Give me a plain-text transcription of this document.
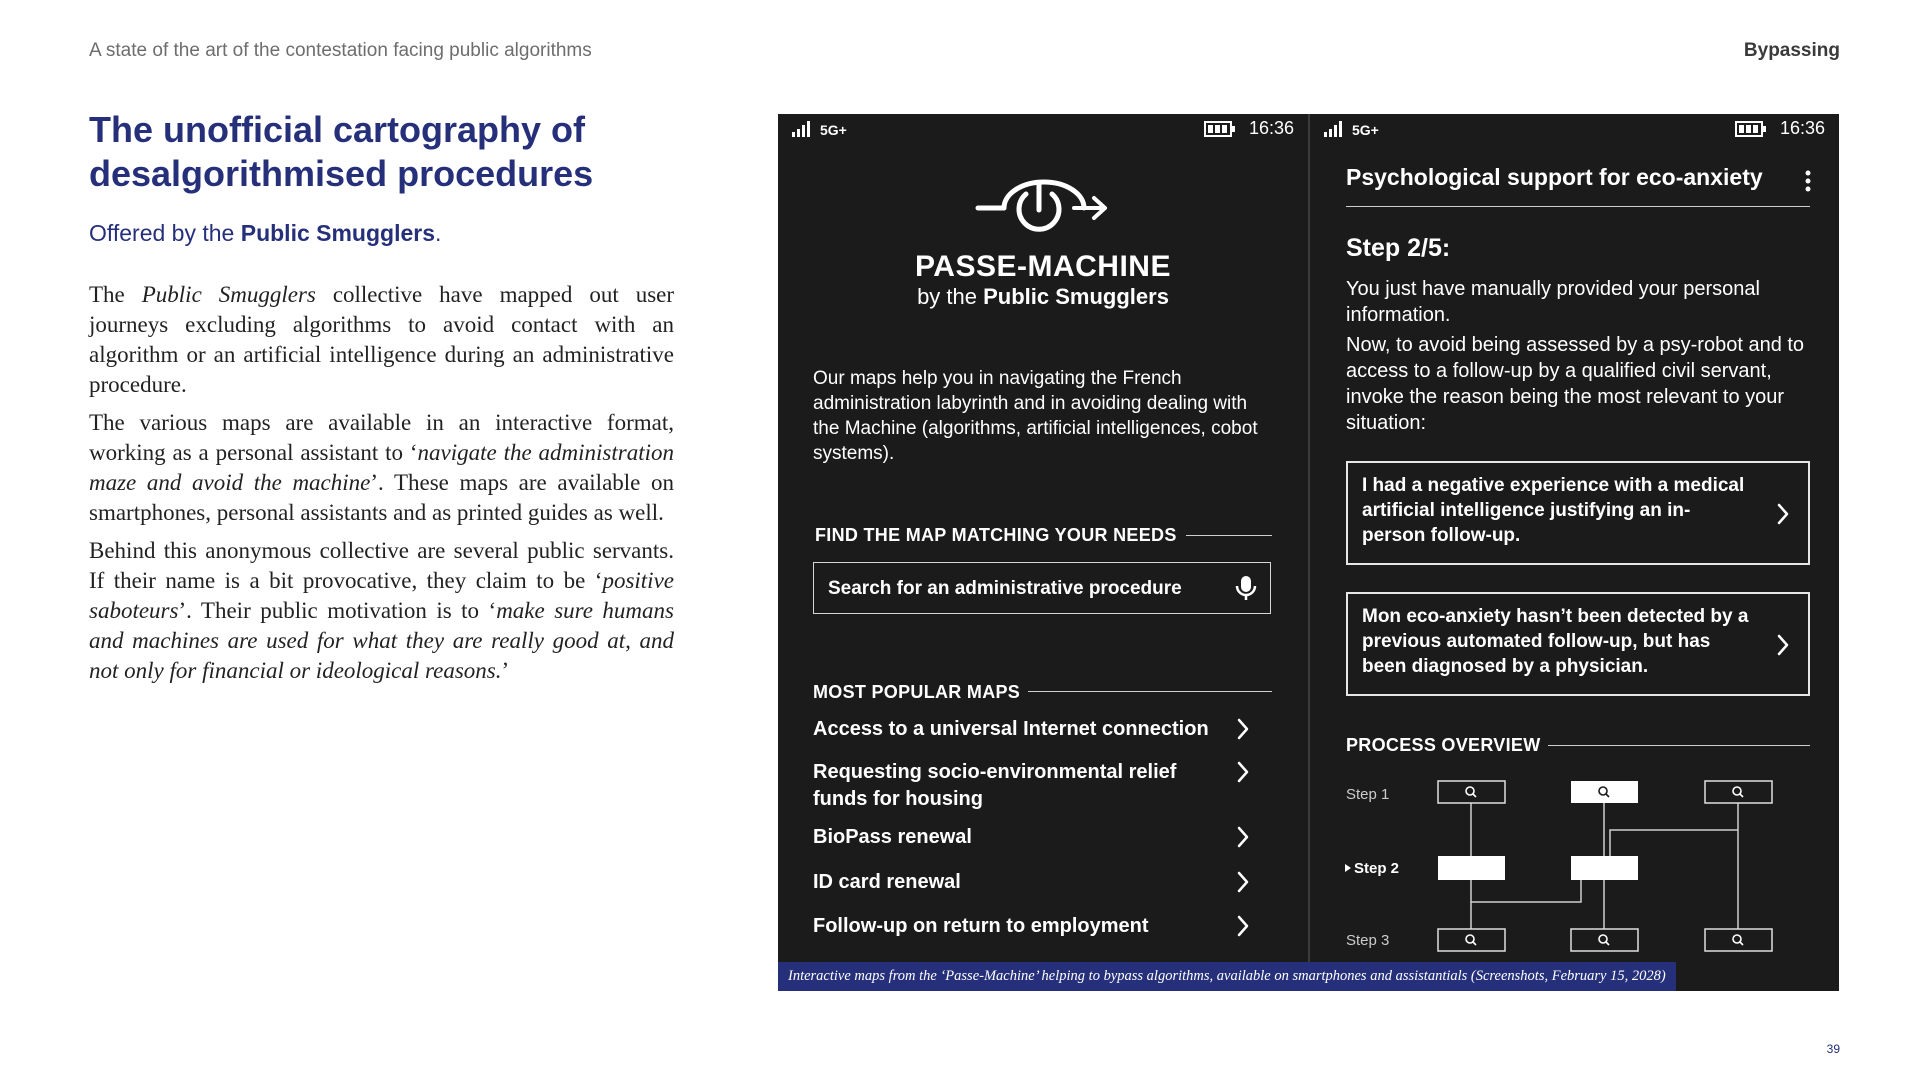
A state of the art of the contestation facing public algorithms	Bypassing
The unofficial cartography of desalgorithmised procedures

Offered by the Public Smugglers.

The Public Smugglers collective have mapped out user journeys excluding algorithms to avoid contact with an algorithm or an artificial intelligence during an administrative procedure.

The various maps are available in an interactive format, working as a personal assistant to ‘navigate the administration maze and avoid the machine’. These maps are available on smartphones, personal assistants and as printed guides as well.

Behind this anonymous collective are several public servants. If their name is a bit provocative, they claim to be ‘positive saboteurs’. Their public motivation is to ‘make sure humans and machines are used for what they are really good at, and not only for financial or ideological reasons.’

5G+	16:36
PASSE-MACHINE
by the Public Smugglers
Our maps help you in navigating the French administration labyrinth and in avoiding dealing with the Machine (algorithms, artificial intelligences, cobot systems).
FIND THE MAP MATCHING YOUR NEEDS
Search for an administrative procedure
MOST POPULAR MAPS
Access to a universal Internet connection
Requesting socio-environmental relief funds for housing
BioPass renewal
ID card renewal
Follow-up on return to employment
5G+	16:36
Psychological support for eco-anxiety
Step 2/5:
You just have manually provided your personal information.
Now, to avoid being assessed by a psy-robot and to access to a follow-up by a qualified civil servant, invoke the reason being the most relevant to your situation:
I had a negative experience with a medical artificial intelligence justifying an in-person follow-up.
Mon eco-anxiety hasn’t been detected by a previous automated follow-up, but has been diagnosed by a physician.
PROCESS OVERVIEW
Step 1
Step 2
Step 3
Interactive maps from the ‘Passe-Machine’ helping to bypass algorithms, available on smartphones and assistantials (Screenshots, February 15, 2028)
39
